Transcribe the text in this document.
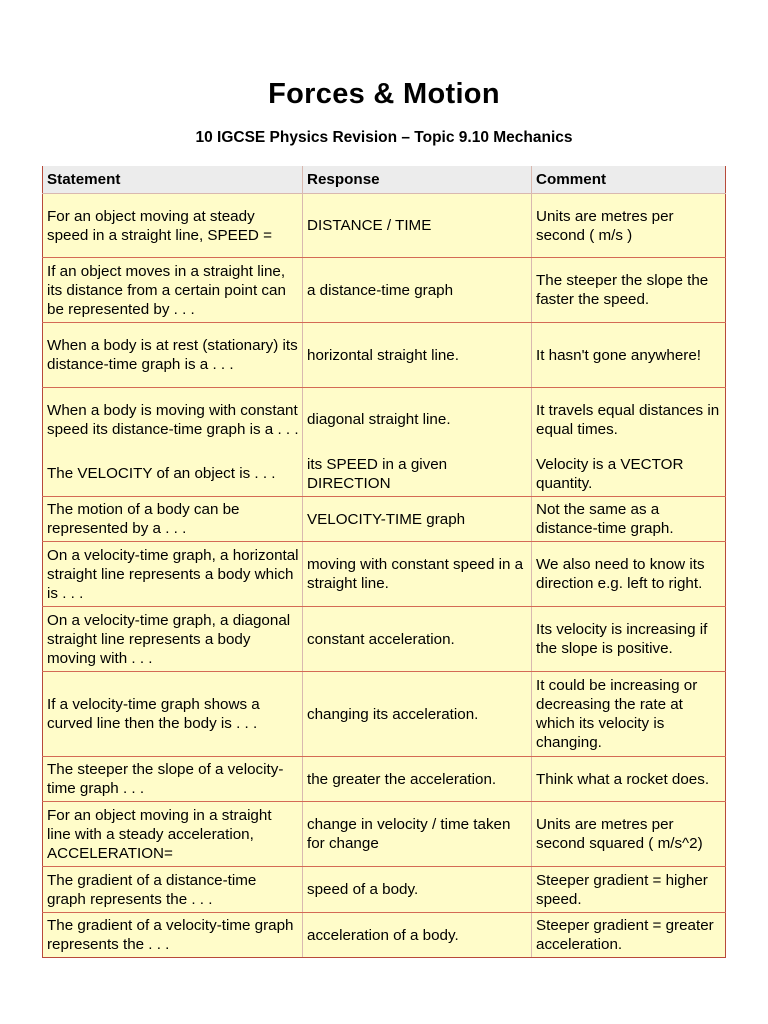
Forces & Motion
10 IGCSE Physics Revision – Topic 9.10 Mechanics
Statement	Response	Comment
For an object moving at steady speed in a straight line, SPEED =	DISTANCE / TIME	Units are metres per second ( m/s )
If an object moves in a straight line, its distance from a certain point can be represented by . . .	a distance-time graph	The steeper the slope the faster the speed.
When a body is at rest (stationary) its distance-time graph is a . . .	horizontal straight line.	It hasn't gone anywhere!
When a body is moving with constant speed its distance-time graph is a . . .	diagonal straight line.	It travels equal distances in equal times.
The VELOCITY of an object is . . .	its SPEED in a given DIRECTION	Velocity is a VECTOR quantity.
The motion of a body can be represented by a . . .	VELOCITY-TIME graph	Not the same as a distance-time graph.
On a velocity-time graph, a horizontal straight line represents a body which is . . .	moving with constant speed in a straight line.	We also need to know its direction e.g. left to right.
On a velocity-time graph, a diagonal straight line represents a body moving with . . .	constant acceleration.	Its velocity is increasing if the slope is positive.
If a velocity-time graph shows a curved line then the body is . . .	changing its acceleration.	It could be increasing or decreasing the rate at which its velocity is changing.
The steeper the slope of a velocity-time graph . . .	the greater the acceleration.	Think what a rocket does.
For an object moving in a straight line with a steady acceleration, ACCELERATION=	change in velocity / time taken for change	Units are metres per second squared ( m/s^2)
The gradient of a distance-time graph represents the . . .	speed of a body.	Steeper gradient = higher speed.
The gradient of a velocity-time graph represents the . . .	acceleration of a body.	Steeper gradient = greater acceleration.
